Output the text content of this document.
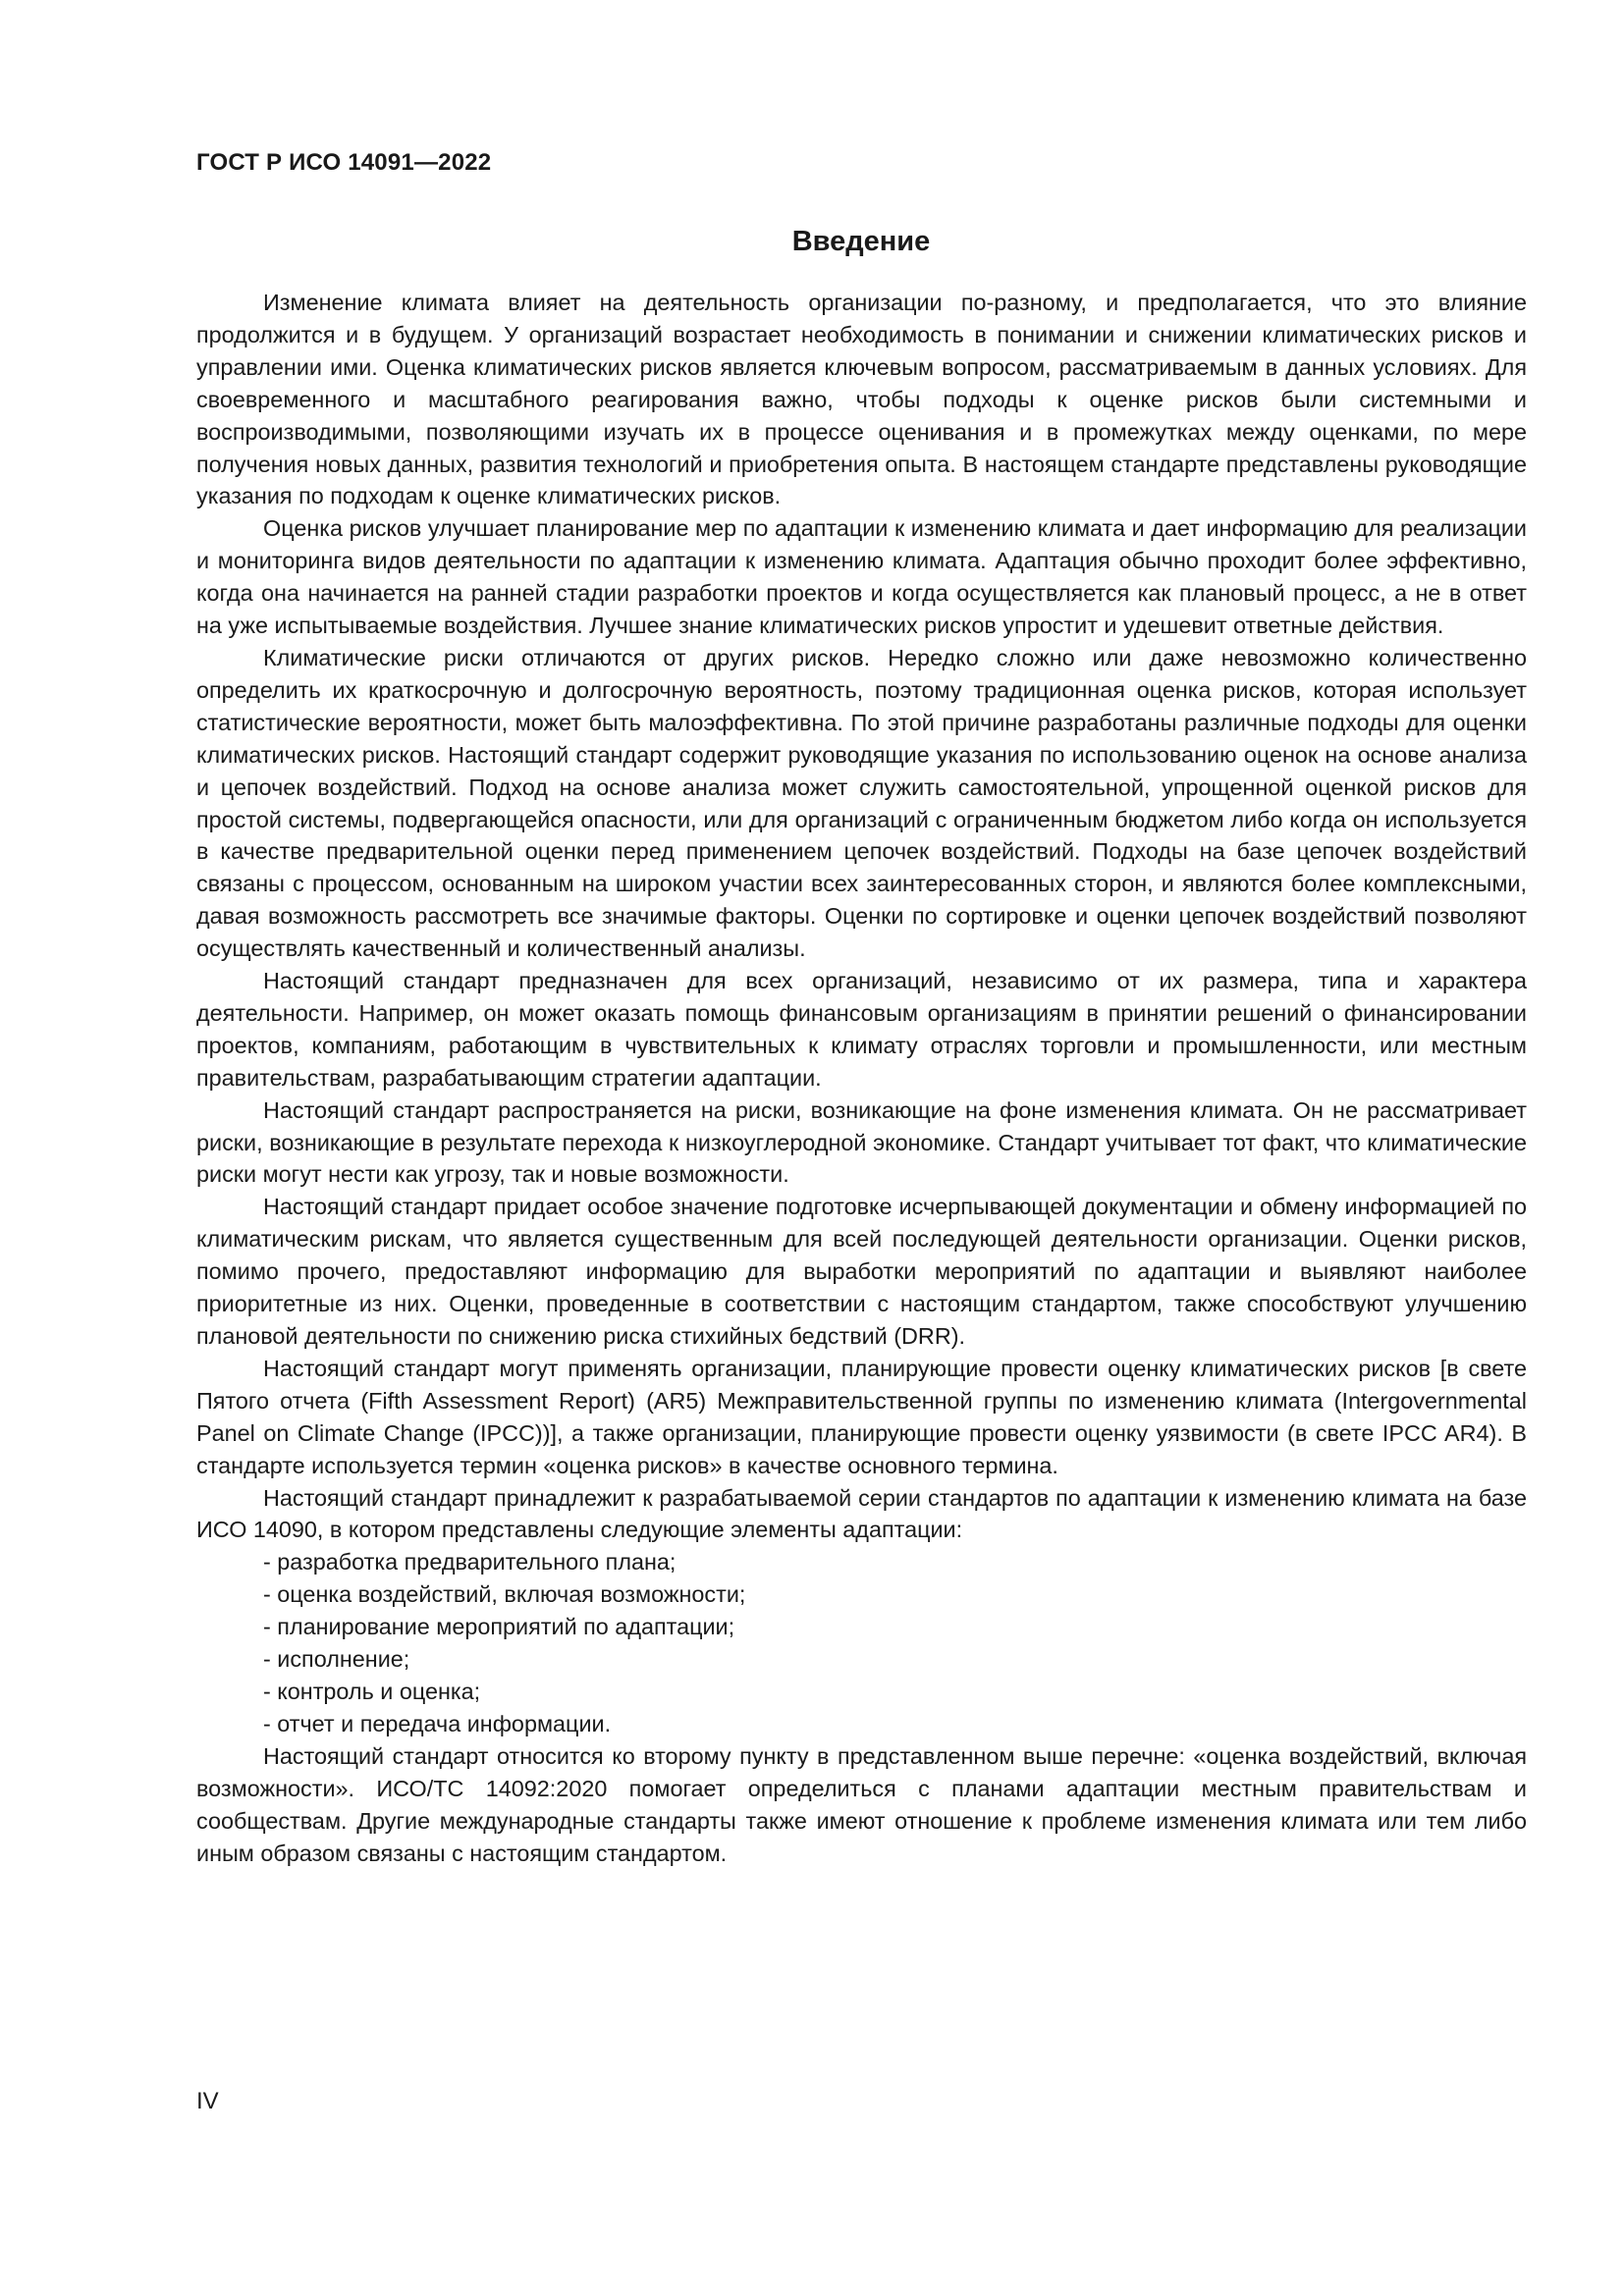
ГОСТ Р ИСО 14091—2022
Введение

Изменение климата влияет на деятельность организации по-разному, и предполагается, что это влияние продолжится и в будущем. У организаций возрастает необходимость в понимании и снижении климатических рисков и управлении ими. Оценка климатических рисков является ключевым вопросом, рассматриваемым в данных условиях. Для своевременного и масштабного реагирования важно, чтобы подходы к оценке рисков были системными и воспроизводимыми, позволяющими изучать их в процессе оценивания и в промежутках между оценками, по мере получения новых данных, развития технологий и приобретения опыта. В настоящем стандарте представлены руководящие указания по подходам к оценке климатических рисков.

Оценка рисков улучшает планирование мер по адаптации к изменению климата и дает информацию для реализации и мониторинга видов деятельности по адаптации к изменению климата. Адаптация обычно проходит более эффективно, когда она начинается на ранней стадии разработки проектов и когда осуществляется как плановый процесс, а не в ответ на уже испытываемые воздействия. Лучшее знание климатических рисков упростит и удешевит ответные действия.

Климатические риски отличаются от других рисков. Нередко сложно или даже невозможно количественно определить их краткосрочную и долгосрочную вероятность, поэтому традиционная оценка рисков, которая использует статистические вероятности, может быть малоэффективна. По этой причине разработаны различные подходы для оценки климатических рисков. Настоящий стандарт содержит руководящие указания по использованию оценок на основе анализа и цепочек воздействий. Подход на основе анализа может служить самостоятельной, упрощенной оценкой рисков для простой системы, подвергающейся опасности, или для организаций с ограниченным бюджетом либо когда он используется в качестве предварительной оценки перед применением цепочек воздействий. Подходы на базе цепочек воздействий связаны с процессом, основанным на широком участии всех заинтересованных сторон, и являются более комплексными, давая возможность рассмотреть все значимые факторы. Оценки по сортировке и оценки цепочек воздействий позволяют осуществлять качественный и количественный анализы.

Настоящий стандарт предназначен для всех организаций, независимо от их размера, типа и характера деятельности. Например, он может оказать помощь финансовым организациям в принятии решений о финансировании проектов, компаниям, работающим в чувствительных к климату отраслях торговли и промышленности, или местным правительствам, разрабатывающим стратегии адаптации.

Настоящий стандарт распространяется на риски, возникающие на фоне изменения климата. Он не рассматривает риски, возникающие в результате перехода к низкоуглеродной экономике. Стандарт учитывает тот факт, что климатические риски могут нести как угрозу, так и новые возможности.

Настоящий стандарт придает особое значение подготовке исчерпывающей документации и обмену информацией по климатическим рискам, что является существенным для всей последующей деятельности организации. Оценки рисков, помимо прочего, предоставляют информацию для выработки мероприятий по адаптации и выявляют наиболее приоритетные из них. Оценки, проведенные в соответствии с настоящим стандартом, также способствуют улучшению плановой деятельности по снижению риска стихийных бедствий (DRR).

Настоящий стандарт могут применять организации, планирующие провести оценку климатических рисков [в свете Пятого отчета (Fifth Assessment Report) (AR5) Межправительственной группы по изменению климата (Intergovernmental Panel on Climate Change (IPCC))], а также организации, планирующие провести оценку уязвимости (в свете IPCC AR4). В стандарте используется термин «оценка рисков» в качестве основного термина.

Настоящий стандарт принадлежит к разрабатываемой серии стандартов по адаптации к изменению климата на базе ИСО 14090, в котором представлены следующие элементы адаптации:

- разработка предварительного плана;
- оценка воздействий, включая возможности;
- планирование мероприятий по адаптации;
- исполнение;
- контроль и оценка;
- отчет и передача информации.

Настоящий стандарт относится ко второму пункту в представленном выше перечне: «оценка воздействий, включая возможности». ИСО/ТС 14092:2020 помогает определиться с планами адаптации местным правительствам и сообществам. Другие международные стандарты также имеют отношение к проблеме изменения климата или тем либо иным образом связаны с настоящим стандартом.

IV
